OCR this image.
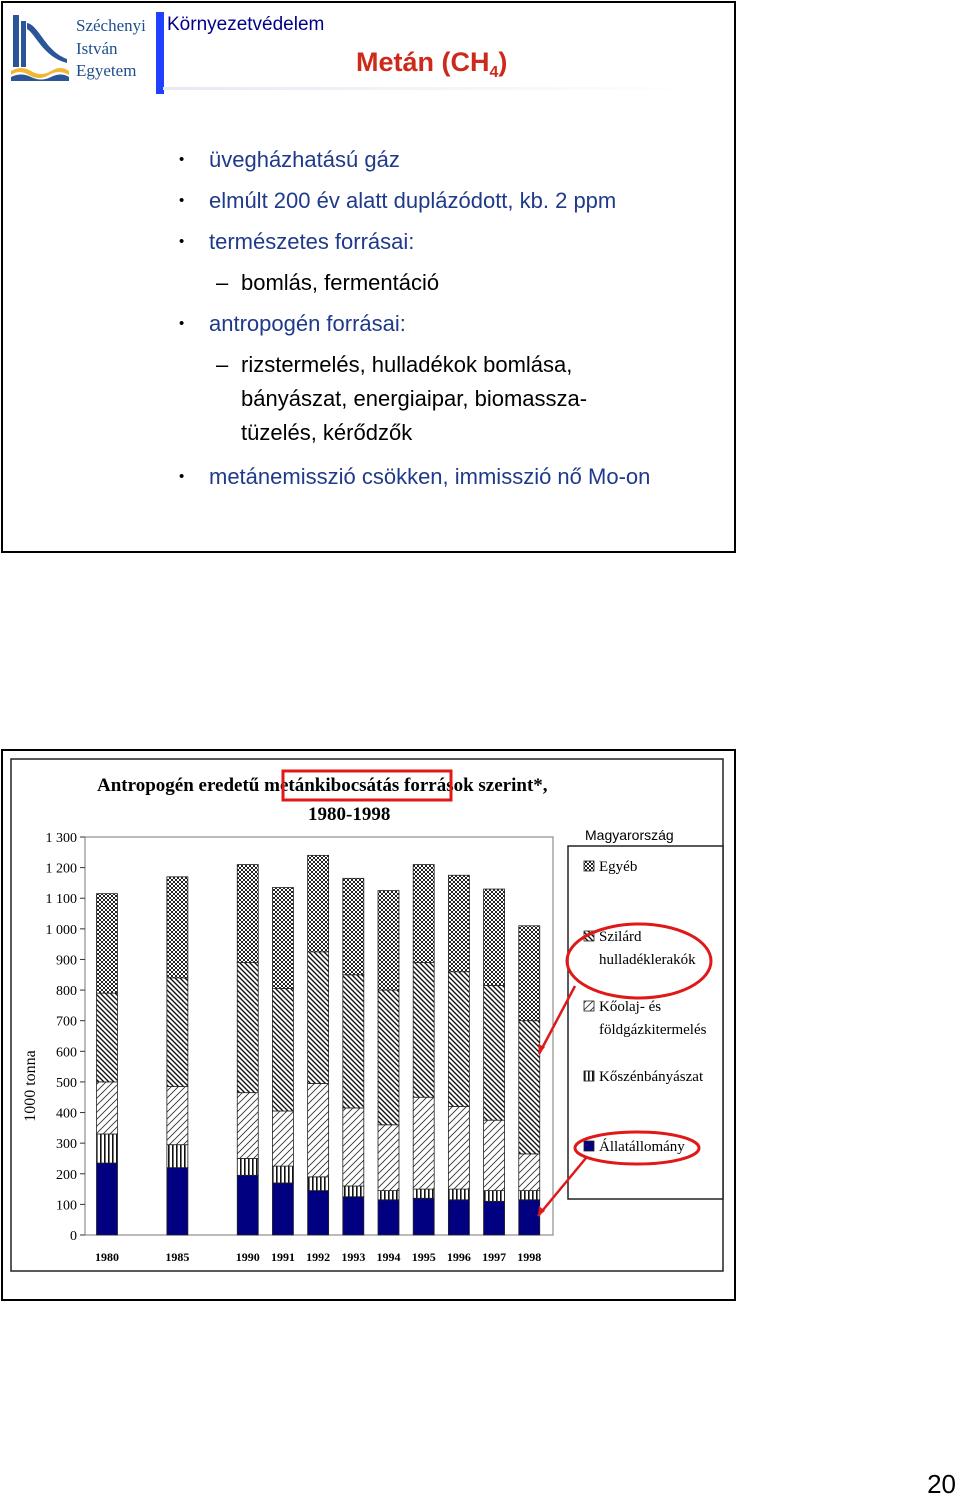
Széchenyi
István
Egyetem
Környezetvédelem
Metán $(CH_4)$
• üvegházhatású gáz
• elmúlt 200 év alatt duplázódott, kb. 2 ppm
• természetes forrásai:
– bomlás, fermentáció
• antropogén forrásai:
– rizstermelés, hulladékok bomlása,
bányászat, energiaipar, biomassza-
tüzelés, kérődzők
• metánemisszió csökken, immisszió nő Mo-on
Antropogén eredetű metánkibocsátás források szerint*,
1980-1998
1000 tonna
0
100
200
300
400
500
600
700
800
900
1 000
1 100
1 200
1 300
1980	1985	1990 1991 1992 1993 1994 1995 1996 1997 1998
Magyarország
Egyéb
Szilárd
hulladéklerakók
Kőolaj- és
földgázkitermelés
Kőszénbányászat
Állatállomány
20
